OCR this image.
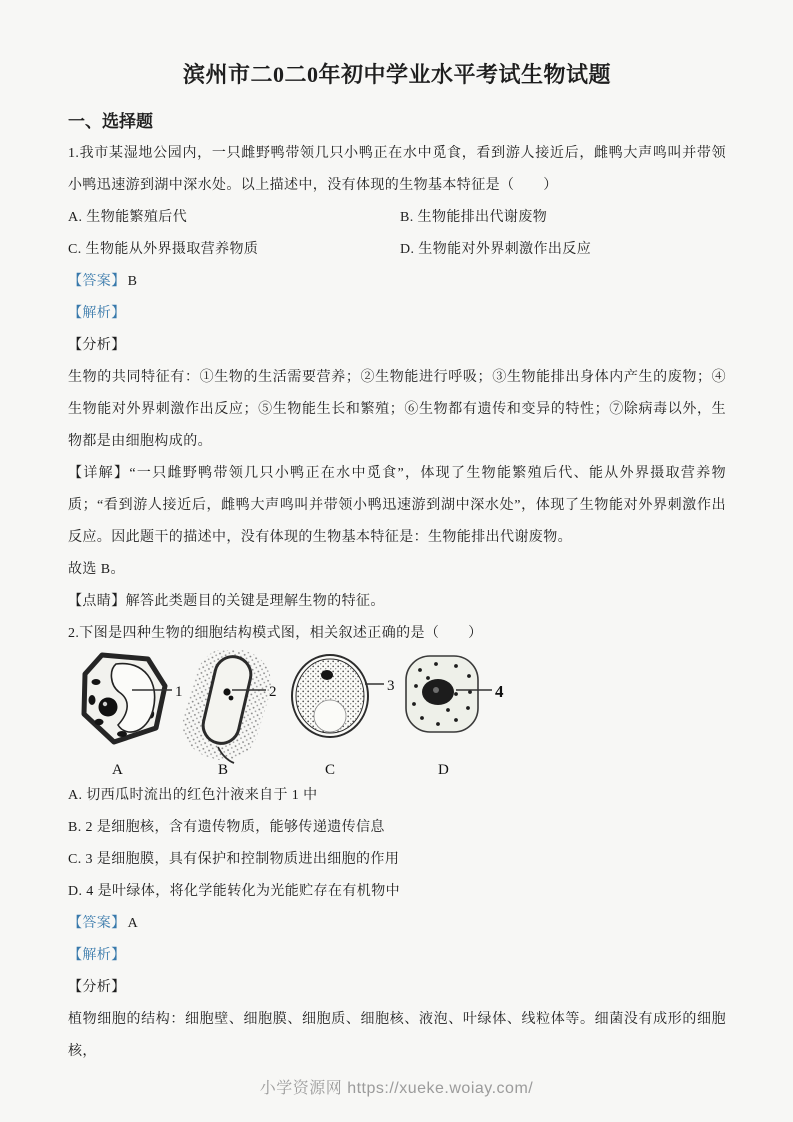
滨州市二0二0年初中学业水平考试生物试题
一、选择题

1.我市某湿地公园内，一只雌野鸭带领几只小鸭正在水中觅食，看到游人接近后，雌鸭大声鸣叫并带领小鸭迅速游到湖中深水处。以上描述中，没有体现的生物基本特征是（　　）

A. 生物能繁殖后代	B. 生物能排出代谢废物
C. 生物能从外界摄取营养物质	D. 生物能对外界刺激作出反应

【答案】 B

【解析】

【分析】

生物的共同特征有：①生物的生活需要营养；②生物能进行呼吸；③生物能排出身体内产生的废物；④生物能对外界刺激作出反应；⑤生物能生长和繁殖；⑥生物都有遗传和变异的特性；⑦除病毒以外，生物都是由细胞构成的。

【详解】“一只雌野鸭带领几只小鸭正在水中觅食”，体现了生物能繁殖后代、能从外界摄取营养物质；“看到游人接近后，雌鸭大声鸣叫并带领小鸭迅速游到湖中深水处”，体现了生物能对外界刺激作出反应。因此题干的描述中，没有体现的生物基本特征是：生物能排出代谢废物。

故选 B。

【点睛】解答此类题目的关键是理解生物的特征。

2.下图是四种生物的细胞结构模式图，相关叙述正确的是（　　）

1	2	3	4
A	B	C	D

A. 切西瓜时流出的红色汁液来自于 1 中

B. 2 是细胞核，含有遗传物质，能够传递遗传信息

C. 3 是细胞膜，具有保护和控制物质进出细胞的作用

D. 4 是叶绿体，将化学能转化为光能贮存在有机物中

【答案】 A

【解析】

【分析】

植物细胞的结构：细胞壁、细胞膜、细胞质、细胞核、液泡、叶绿体、线粒体等。细菌没有成形的细胞核，

小学资源网 https://xueke.woiay.com/
